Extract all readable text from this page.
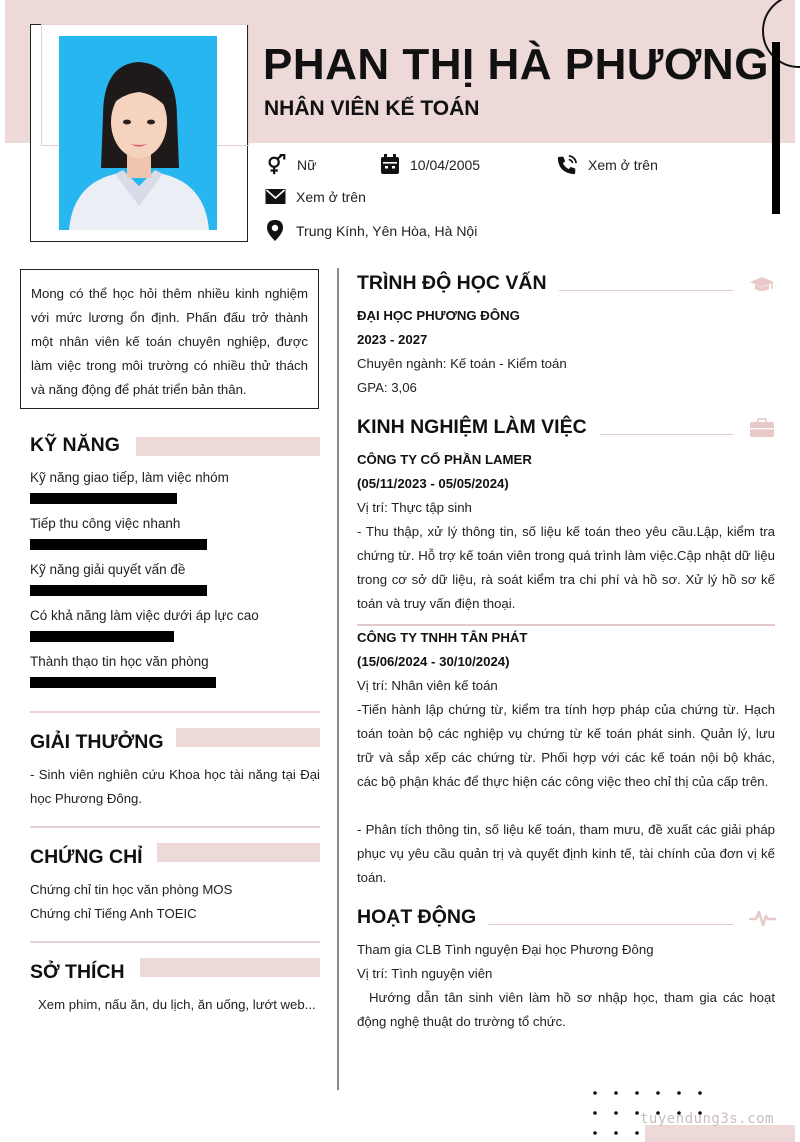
PHAN THỊ HÀ PHƯƠNG
NHÂN VIÊN KẾ TOÁN
Nữ	10/04/2005	Xem ở trên
Xem ở trên
Trung Kính, Yên Hòa, Hà Nội
Mong có thể học hỏi thêm nhiều kinh nghiệm với mức lương ổn định. Phấn đấu trở thành một nhân viên kế toán chuyên nghiệp, được làm việc trong môi trường có nhiều thử thách và năng động để phát triển bản thân.
KỸ NĂNG
Kỹ năng giao tiếp, làm việc nhóm
Tiếp thu công việc nhanh
Kỹ năng giải quyết vấn đề
Có khả năng làm việc dưới áp lực cao
Thành thạo tin học văn phòng
GIẢI THƯỞNG
- Sinh viên nghiên cứu Khoa học tài năng tại Đại học Phương Đông.
CHỨNG CHỈ
Chứng chỉ tin học văn phòng MOS
Chứng chỉ Tiếng Anh TOEIC
SỞ THÍCH
Xem phim, nấu ăn, du lịch, ăn uống, lướt web...
TRÌNH ĐỘ HỌC VẤN
ĐẠI HỌC PHƯƠNG ĐÔNG
2023 - 2027
Chuyên ngành: Kế toán - Kiểm toán
GPA: 3,06
KINH NGHIỆM LÀM VIỆC
CÔNG TY CỔ PHẦN LAMER
(05/11/2023 - 05/05/2024)
Vị trí: Thực tập sinh
- Thu thập, xử lý thông tin, số liệu kế toán theo yêu cầu.Lập, kiểm tra chứng từ. Hỗ trợ kế toán viên trong quá trình làm việc.Cập nhật dữ liệu trong cơ sở dữ liệu, rà soát kiểm tra chi phí và hồ sơ. Xử lý hồ sơ kế toán và truy vấn điện thoại.
CÔNG TY TNHH TÂN PHÁT
(15/06/2024 - 30/10/2024)
Vị trí: Nhân viên kế toán
-Tiến hành lập chứng từ, kiểm tra tính hợp pháp của chứng từ. Hạch toán toàn bộ các nghiệp vụ chứng từ kế toán phát sinh. Quản lý, lưu trữ và sắp xếp các chứng từ. Phối hợp với các kế toán nội bộ khác, các bộ phận khác để thực hiện các công việc theo chỉ thị của cấp trên.
- Phân tích thông tin, số liệu kế toán, tham mưu, đề xuất các giải pháp phục vụ yêu cầu quản trị và quyết định kinh tế, tài chính của đơn vị kế toán.
HOẠT ĐỘNG
Tham gia CLB Tình nguyện Đại học Phương Đông
Vị trí: Tình nguyện viên
Hướng dẫn tân sinh viên làm hồ sơ nhập học, tham gia các hoạt động nghệ thuật do trường tổ chức.
tuyendung3s.com
